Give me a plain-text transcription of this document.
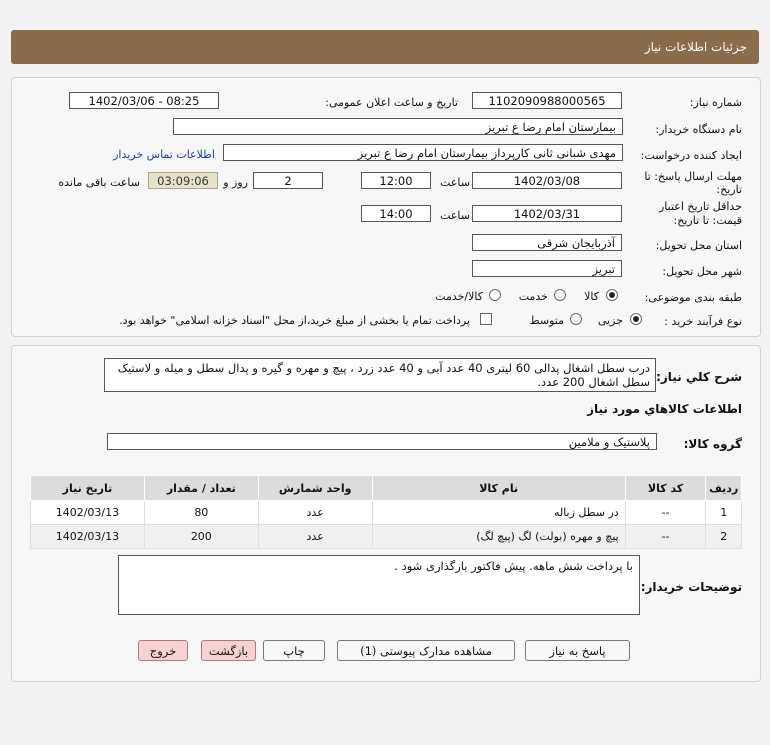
جزئیات اطلاعات نیاز
شماره نیاز:
1102090988000565
تاریخ و ساعت اعلان عمومی:
1402/03/06 - 08:25
نام دستگاه خریدار:
بیمارستان امام رضا ع تبریز
ایجاد کننده درخواست:
مهدی شبانی ثانی کارپرداز بیمارستان امام رضا ع تبریز
اطلاعات تماس خریدار
مهلت ارسال پاسخ: تا
تاریخ:
1402/03/08
ساعت
12:00
2
روز و
03:09:06
ساعت باقی مانده
حداقل تاریخ اعتبار
قیمت: تا تاریخ:
1402/03/31
ساعت
14:00
استان محل تحویل:
آذربایجان شرقی
شهر محل تحویل:
تبریز
طبقه بندی موضوعی:
کالا
خدمت
کالا/خدمت
نوع فرآیند خرید :
جزیی
متوسط
پرداخت تمام یا بخشی از مبلغ خرید،از محل "اسناد خزانه اسلامی" خواهد بود.
شرح کلي نياز:
درب سطل اشغال پدالی 60 لیتری 40 عدد آبی و 40 عدد زرد ، پیچ و مهره و گیره و پدال سطل و میله و لاستیک سطل اشغال 200 عدد.
اطلاعات کالاهاي مورد نياز
گروه کالا:
پلاستیک و ملامین
ردیف	کد کالا	نام کالا	واحد شمارش	تعداد / مقدار	تاریخ نیاز
1	--	در سطل زباله	عدد	80	1402/03/13
2	--	پیچ و مهره (بولت) لگ (پیچ لگ)	عدد	200	1402/03/13
توضیحات خریدار:
با پرداخت شش ماهه. پیش فاکتور بارگذاری شود .
پاسخ به نیاز
مشاهده مدارک پیوستی (1)
چاپ
بازگشت
خروج
